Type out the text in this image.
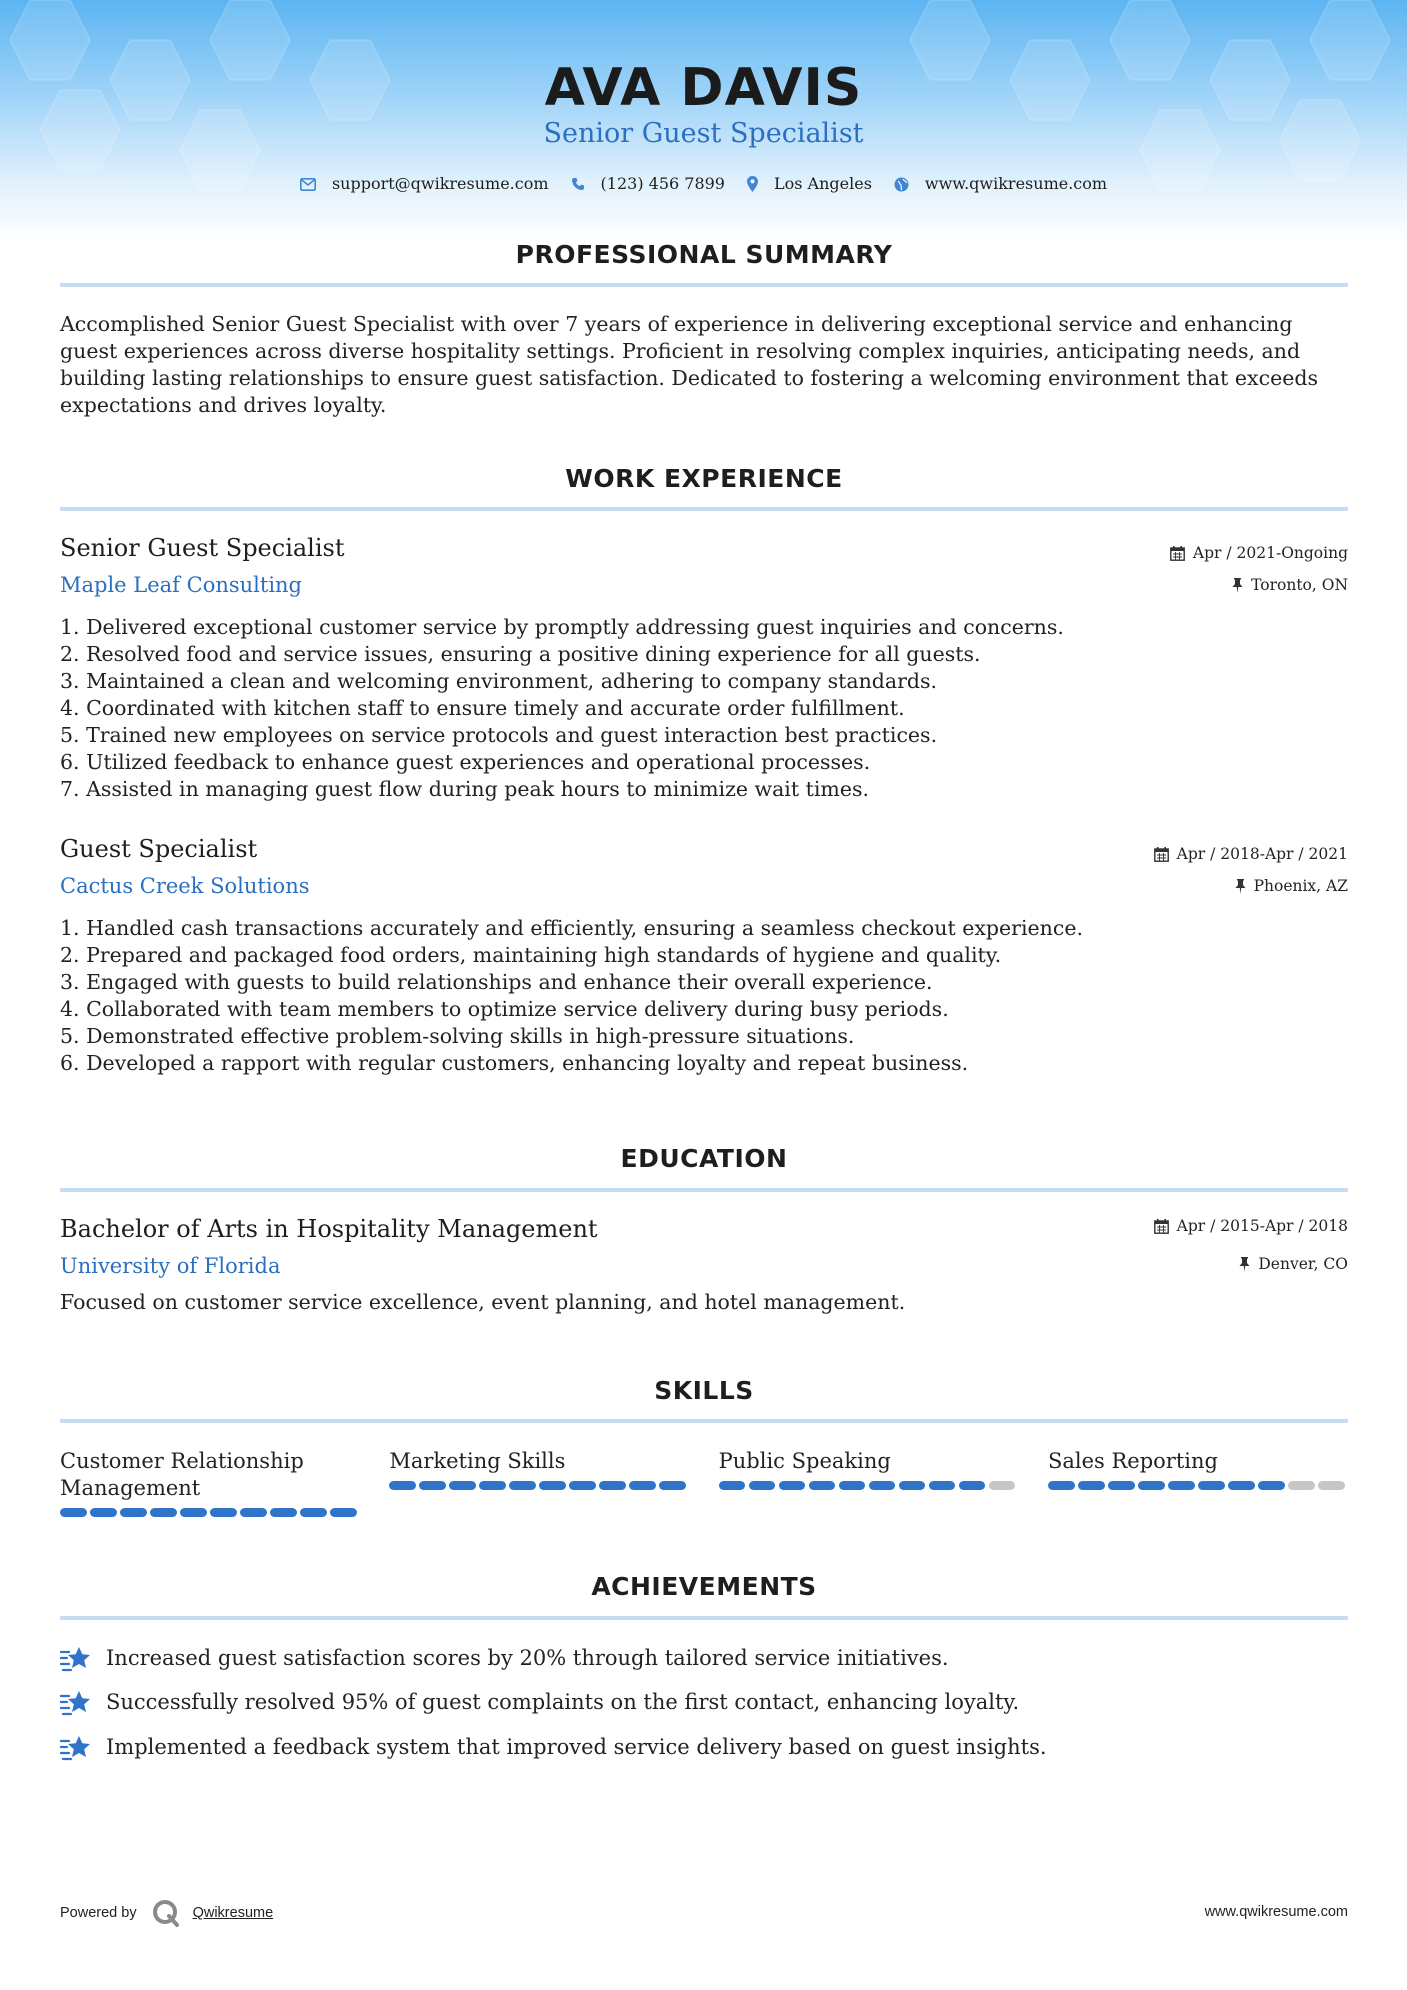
AVA DAVIS
Senior Guest Specialist
support@qwikresume.com	(123) 456 7899	Los Angeles	www.qwikresume.com
PROFESSIONAL SUMMARY

Accomplished Senior Guest Specialist with over 7 years of experience in delivering exceptional service and enhancing guest experiences across diverse hospitality settings. Proficient in resolving complex inquiries, anticipating needs, and building lasting relationships to ensure guest satisfaction. Dedicated to fostering a welcoming environment that exceeds expectations and drives loyalty.

WORK EXPERIENCE
Senior Guest Specialist
Maple Leaf Consulting
Apr / 2021-Ongoing
Toronto, ON
1. Delivered exceptional customer service by promptly addressing guest inquiries and concerns.
2. Resolved food and service issues, ensuring a positive dining experience for all guests.
3. Maintained a clean and welcoming environment, adhering to company standards.
4. Coordinated with kitchen staff to ensure timely and accurate order fulfillment.
5. Trained new employees on service protocols and guest interaction best practices.
6. Utilized feedback to enhance guest experiences and operational processes.
7. Assisted in managing guest flow during peak hours to minimize wait times.
Guest Specialist
Cactus Creek Solutions
Apr / 2018-Apr / 2021
Phoenix, AZ
1. Handled cash transactions accurately and efficiently, ensuring a seamless checkout experience.
2. Prepared and packaged food orders, maintaining high standards of hygiene and quality.
3. Engaged with guests to build relationships and enhance their overall experience.
4. Collaborated with team members to optimize service delivery during busy periods.
5. Demonstrated effective problem-solving skills in high-pressure situations.
6. Developed a rapport with regular customers, enhancing loyalty and repeat business.
EDUCATION
Bachelor of Arts in Hospitality Management
University of Florida
Apr / 2015-Apr / 2018
Denver, CO

Focused on customer service excellence, event planning, and hotel management.

SKILLS
Customer Relationship Management
Marketing Skills	Public Speaking	Sales Reporting
ACHIEVEMENTS
Increased guest satisfaction scores by 20% through tailored service initiatives.
Successfully resolved 95% of guest complaints on the first contact, enhancing loyalty.
Implemented a feedback system that improved service delivery based on guest insights.
Powered by	Qwikresume	www.qwikresume.com
